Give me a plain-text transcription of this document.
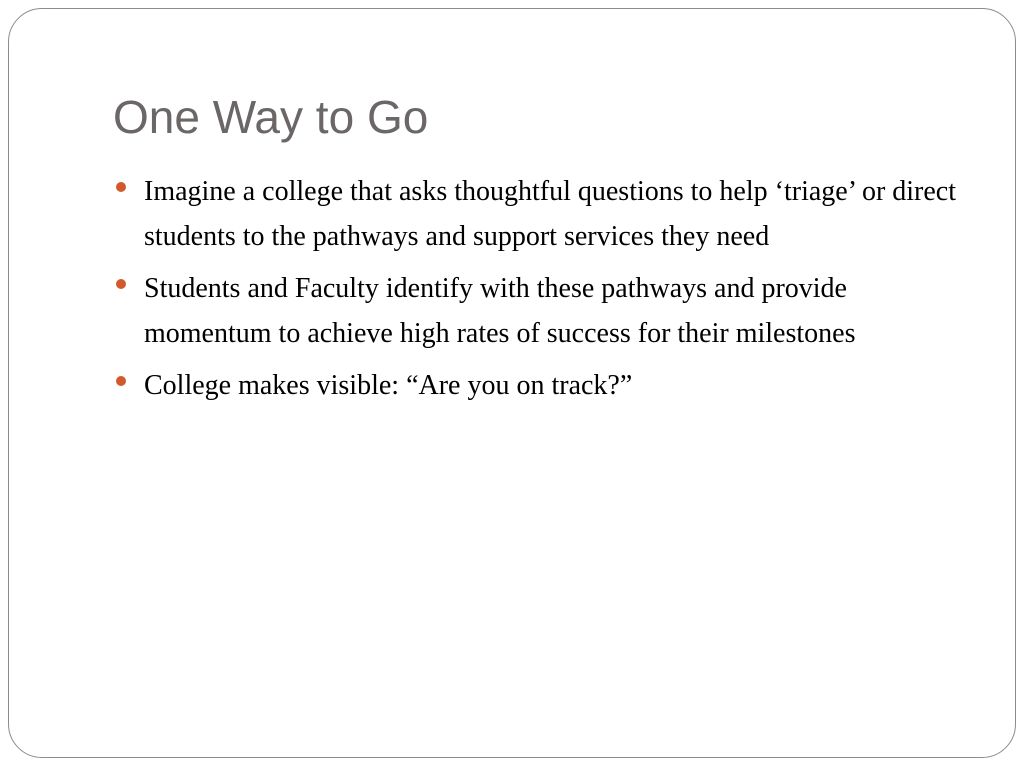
One Way to Go
Imagine a college that asks thoughtful questions to help ‘triage’ or direct students to the pathways and support services they need
Students and Faculty identify with these pathways and provide momentum to achieve high rates of success for their milestones
College makes visible: “Are you on track?”
